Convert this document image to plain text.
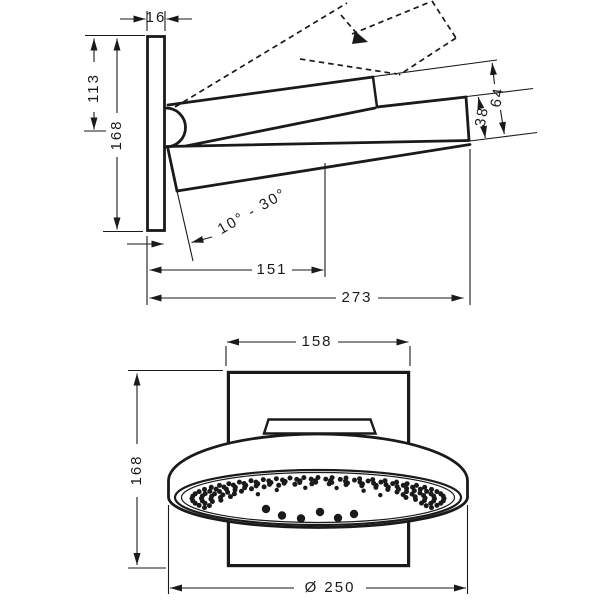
16
113
168
38
64
10° - 30°
151
273
158
168
Ø 250
